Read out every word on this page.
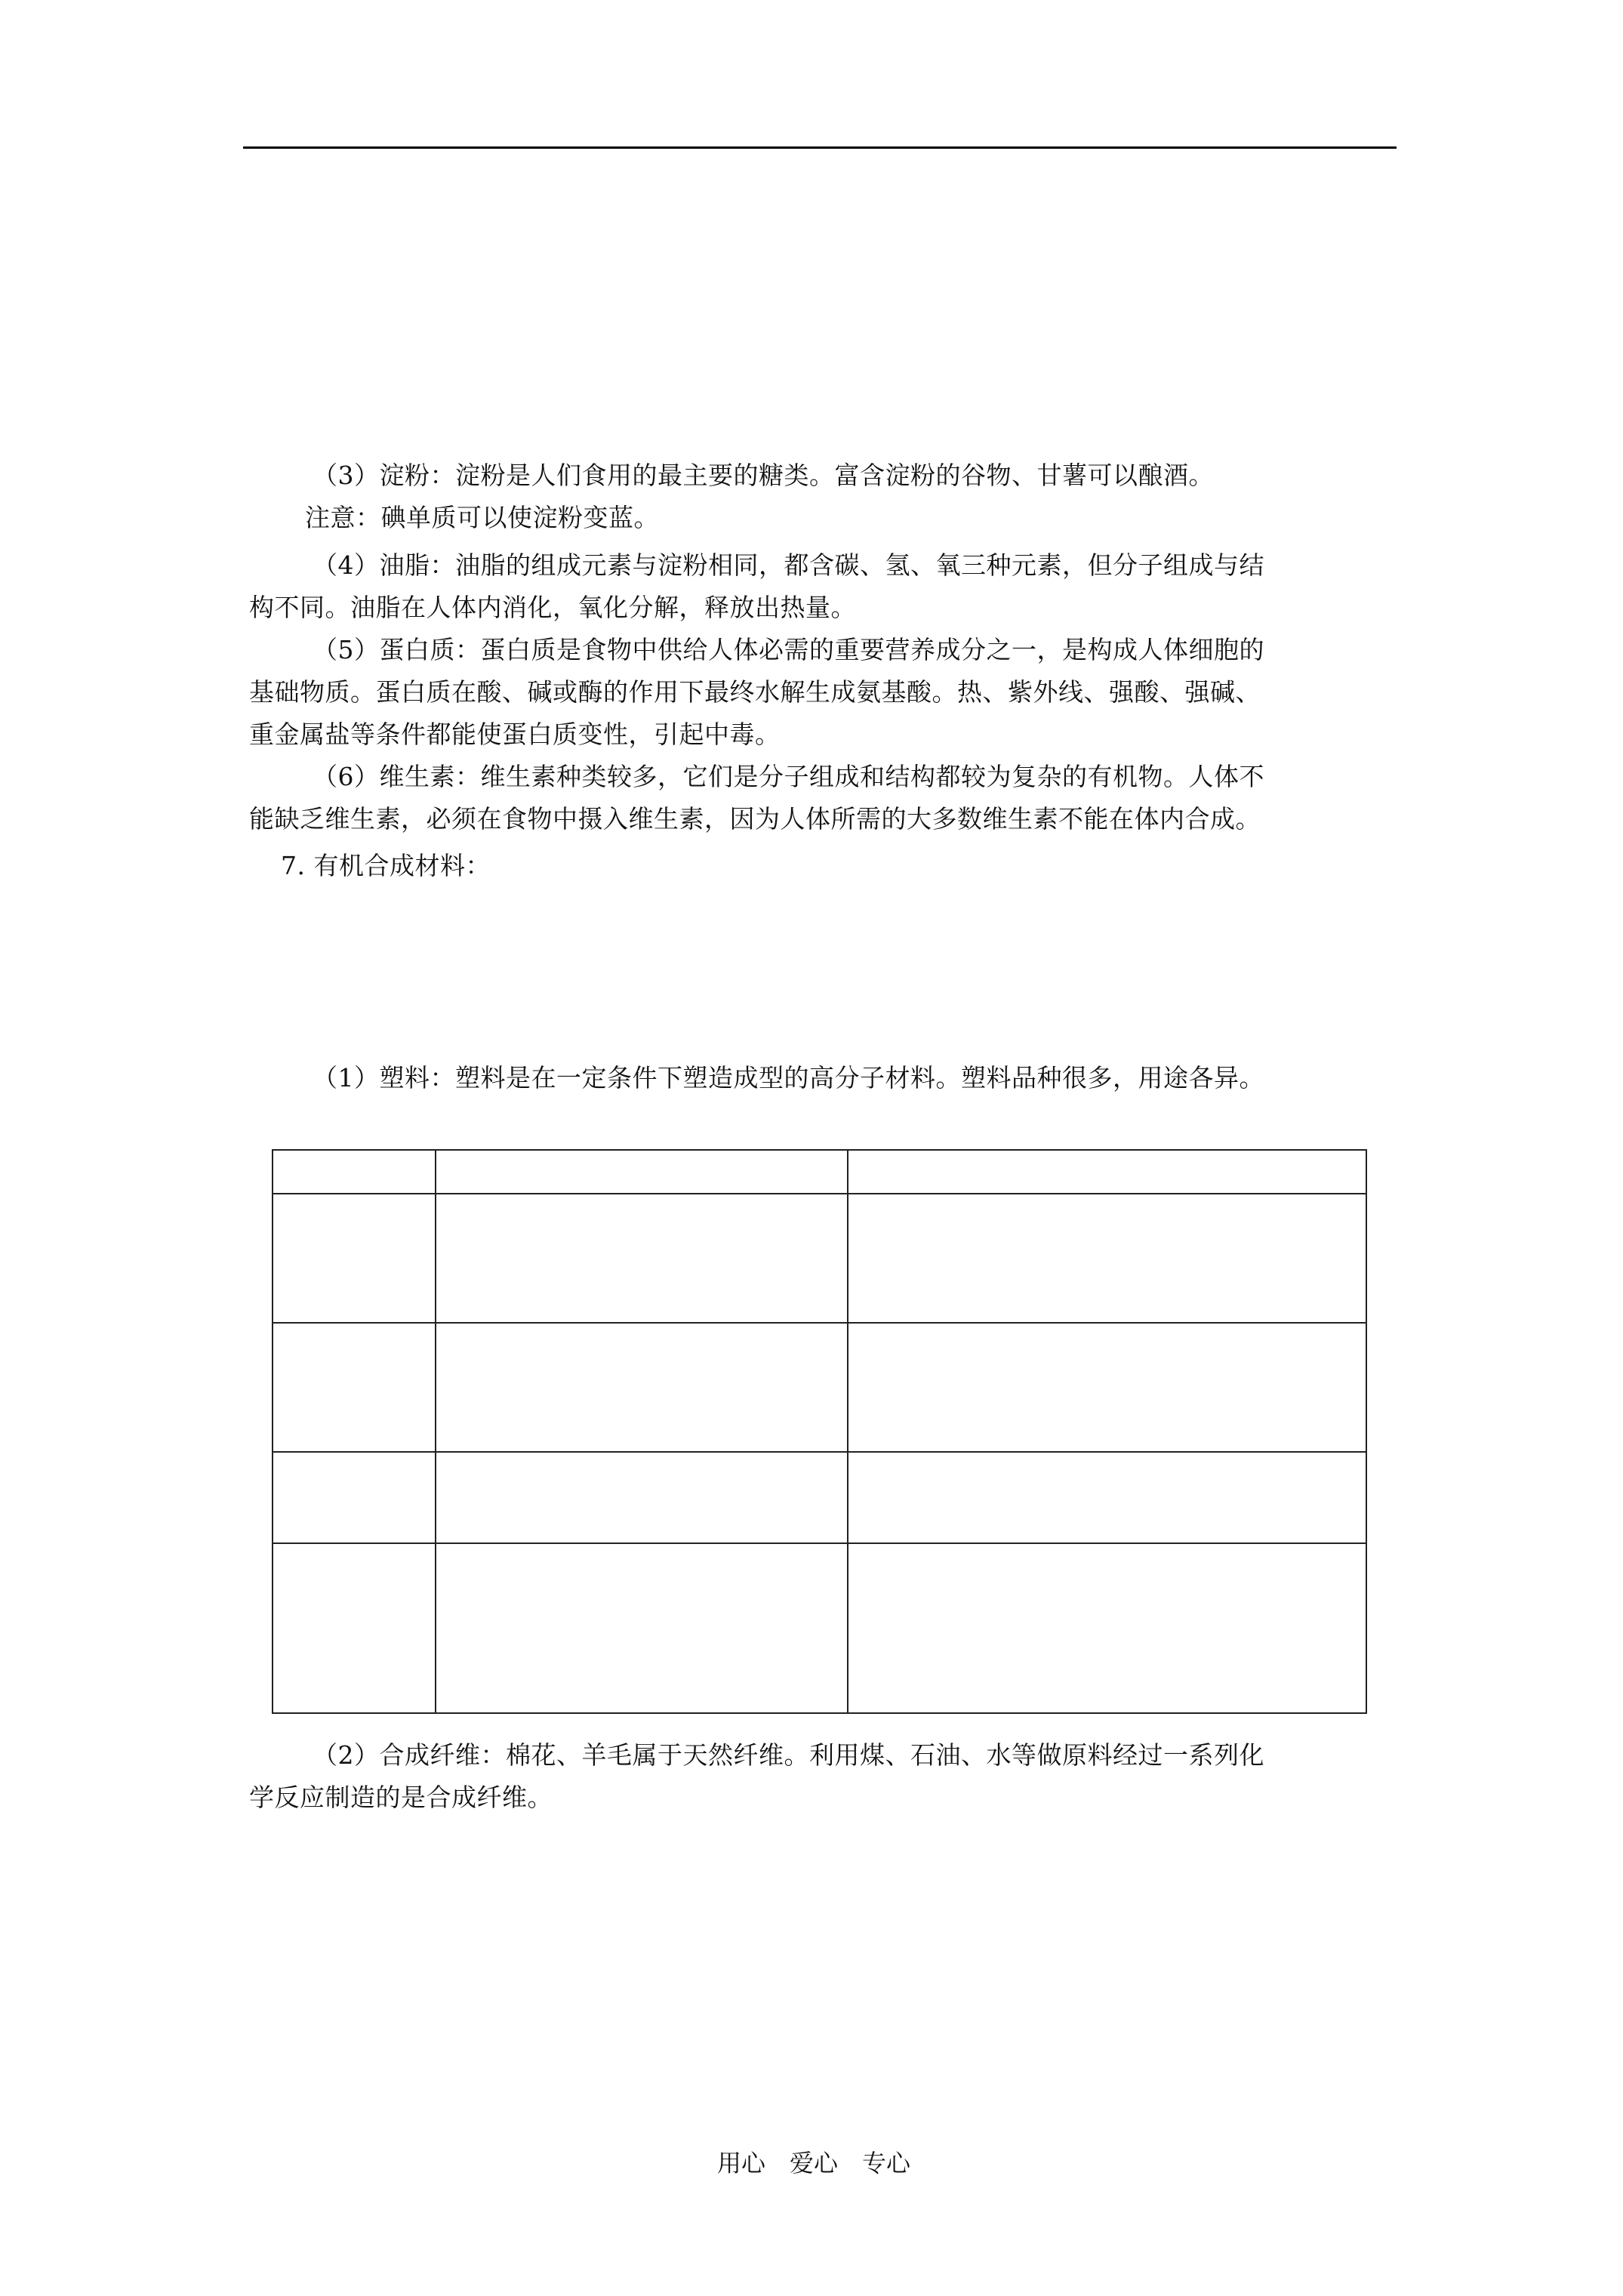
（3）淀粉：淀粉是人们食用的最主要的糖类。富含淀粉的谷物、甘薯可以酿酒。
注意：碘单质可以使淀粉变蓝。
（4）油脂：油脂的组成元素与淀粉相同，都含碳、氢、氧三种元素，但分子组成与结
构不同。油脂在人体内消化，氧化分解，释放出热量。
（5）蛋白质：蛋白质是食物中供给人体必需的重要营养成分之一，是构成人体细胞的
基础物质。蛋白质在酸、碱或酶的作用下最终水解生成氨基酸。热、紫外线、强酸、强碱、
重金属盐等条件都能使蛋白质变性，引起中毒。
（6）维生素：维生素种类较多，它们是分子组成和结构都较为复杂的有机物。人体不
能缺乏维生素，必须在食物中摄入维生素，因为人体所需的大多数维生素不能在体内合成。
7. 有机合成材料：
（1）塑料：塑料是在一定条件下塑造成型的高分子材料。塑料品种很多，用途各异。
（2）合成纤维：棉花、羊毛属于天然纤维。利用煤、石油、水等做原料经过一系列化
学反应制造的是合成纤维。
用心　爱心　专心
